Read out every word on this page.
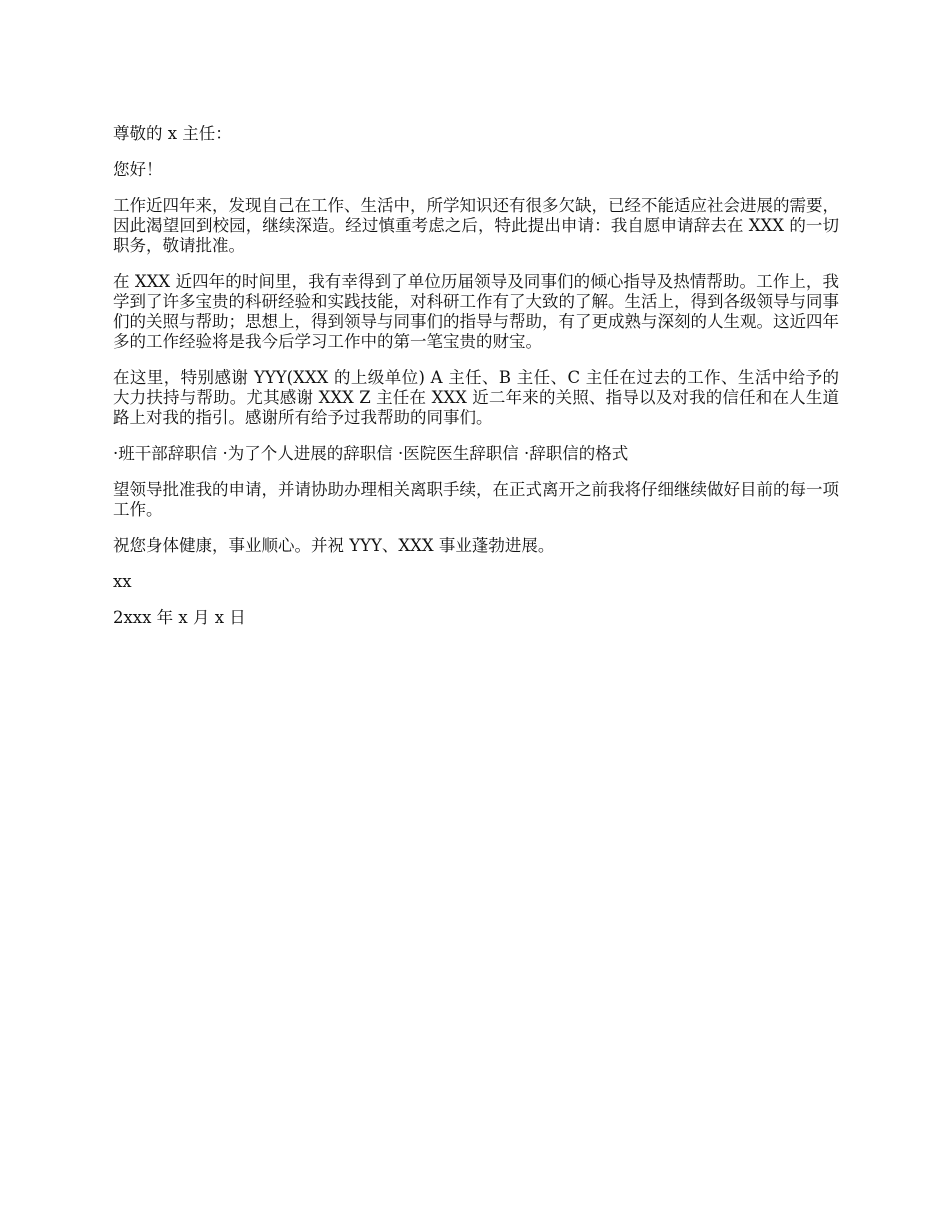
尊敬的 x 主任：

您好！

工作近四年来，发现自己在工作、生活中，所学知识还有很多欠缺，已经不能适应社会进展的需要，因此渴望回到校园，继续深造。经过慎重考虑之后，特此提出申请：我自愿申请辞去在 XXX 的一切职务，敬请批准。

在 XXX 近四年的时间里，我有幸得到了单位历届领导及同事们的倾心指导及热情帮助。工作上，我学到了许多宝贵的科研经验和实践技能，对科研工作有了大致的了解。生活上，得到各级领导与同事们的关照与帮助；思想上，得到领导与同事们的指导与帮助，有了更成熟与深刻的人生观。这近四年多的工作经验将是我今后学习工作中的第一笔宝贵的财宝。

在这里，特别感谢 YYY(XXX 的上级单位) A 主任、B 主任、C 主任在过去的工作、生活中给予的大力扶持与帮助。尤其感谢 XXX Z 主任在 XXX 近二年来的关照、指导以及对我的信任和在人生道路上对我的指引。感谢所有给予过我帮助的同事们。

·班干部辞职信 ·为了个人进展的辞职信 ·医院医生辞职信 ·辞职信的格式

望领导批准我的申请，并请协助办理相关离职手续，在正式离开之前我将仔细继续做好目前的每一项工作。

祝您身体健康，事业顺心。并祝 YYY、XXX 事业蓬勃进展。

xx

2xxx 年 x 月 x 日
